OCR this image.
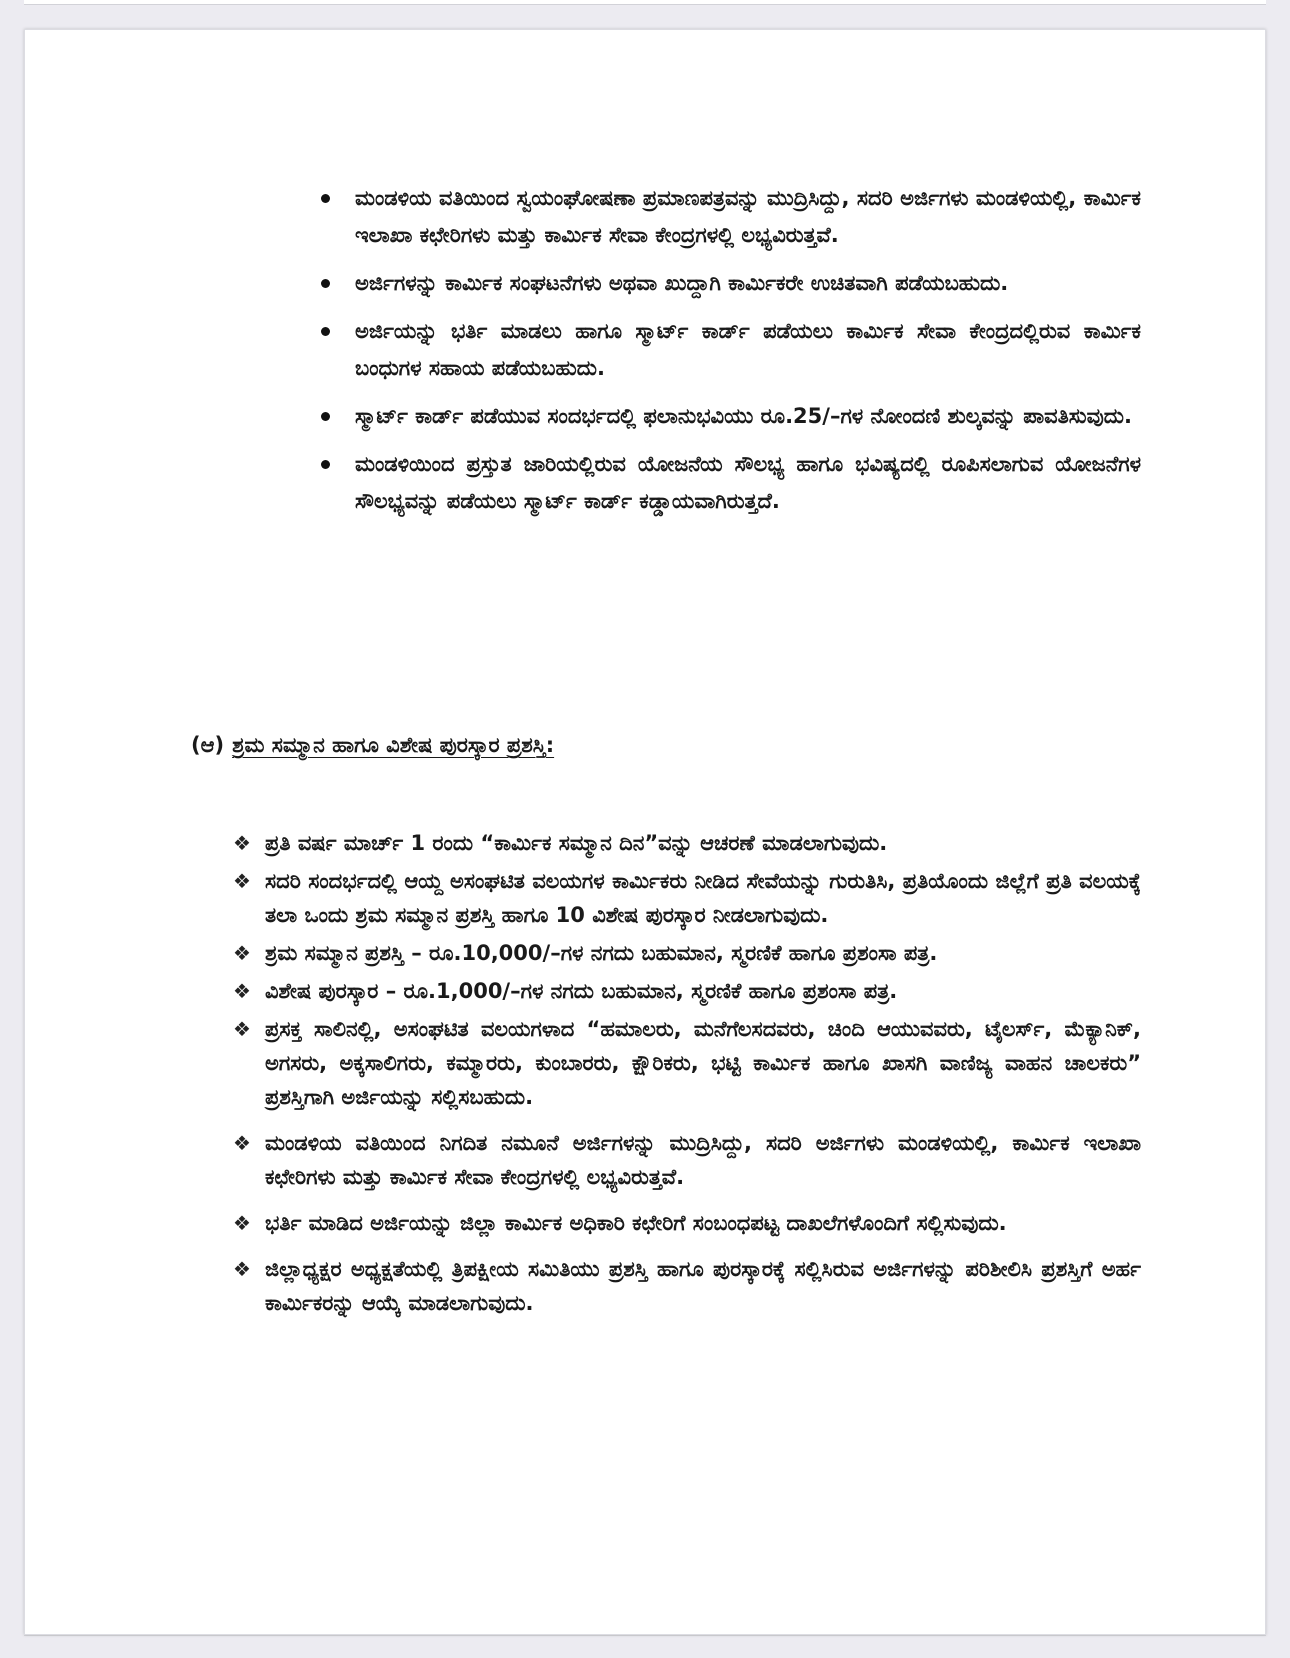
ಮಂಡಳಿಯ ವತಿಯಿಂದ ಸ್ವಯಂಘೋಷಣಾ ಪ್ರಮಾಣಪತ್ರವನ್ನು ಮುದ್ರಿಸಿದ್ದು, ಸದರಿ ಅರ್ಜಿಗಳು ಮಂಡಳಿಯಲ್ಲಿ, ಕಾರ್ಮಿಕ ಇಲಾಖಾ ಕಛೇರಿಗಳು ಮತ್ತು ಕಾರ್ಮಿಕ ಸೇವಾ ಕೇಂದ್ರಗಳಲ್ಲಿ ಲಭ್ಯವಿರುತ್ತವೆ.
ಅರ್ಜಿಗಳನ್ನು ಕಾರ್ಮಿಕ ಸಂಘಟನೆಗಳು ಅಥವಾ ಖುದ್ದಾಗಿ ಕಾರ್ಮಿಕರೇ ಉಚಿತವಾಗಿ ಪಡೆಯಬಹುದು.
ಅರ್ಜಿಯನ್ನು ಭರ್ತಿ ಮಾಡಲು ಹಾಗೂ ಸ್ಮಾರ್ಟ್ ಕಾರ್ಡ್ ಪಡೆಯಲು ಕಾರ್ಮಿಕ ಸೇವಾ ಕೇಂದ್ರದಲ್ಲಿರುವ ಕಾರ್ಮಿಕ ಬಂಧುಗಳ ಸಹಾಯ ಪಡೆಯಬಹುದು.
ಸ್ಮಾರ್ಟ್ ಕಾರ್ಡ್ ಪಡೆಯುವ ಸಂದರ್ಭದಲ್ಲಿ ಫಲಾನುಭವಿಯು ರೂ.25/–ಗಳ ನೋಂದಣಿ ಶುಲ್ಕವನ್ನು ಪಾವತಿಸುವುದು.
ಮಂಡಳಿಯಿಂದ ಪ್ರಸ್ತುತ ಜಾರಿಯಲ್ಲಿರುವ ಯೋಜನೆಯ ಸೌಲಭ್ಯ ಹಾಗೂ ಭವಿಷ್ಯದಲ್ಲಿ ರೂಪಿಸಲಾಗುವ ಯೋಜನೆಗಳ ಸೌಲಭ್ಯವನ್ನು ಪಡೆಯಲು ಸ್ಮಾರ್ಟ್ ಕಾರ್ಡ್ ಕಡ್ಡಾಯವಾಗಿರುತ್ತದೆ.
(ಆ) ಶ್ರಮ ಸಮ್ಮಾನ ಹಾಗೂ ವಿಶೇಷ ಪುರಸ್ಕಾರ ಪ್ರಶಸ್ತಿ:
❖ ಪ್ರತಿ ವರ್ಷ ಮಾರ್ಚ್ 1 ರಂದು “ಕಾರ್ಮಿಕ ಸಮ್ಮಾನ ದಿನ”ವನ್ನು ಆಚರಣೆ ಮಾಡಲಾಗುವುದು.
❖ ಸದರಿ ಸಂದರ್ಭದಲ್ಲಿ ಆಯ್ದ ಅಸಂಘಟಿತ ವಲಯಗಳ ಕಾರ್ಮಿಕರು ನೀಡಿದ ಸೇವೆಯನ್ನು ಗುರುತಿಸಿ, ಪ್ರತಿಯೊಂದು ಜಿಲ್ಲೆಗೆ ಪ್ರತಿ ವಲಯಕ್ಕೆ ತಲಾ ಒಂದು ಶ್ರಮ ಸಮ್ಮಾನ ಪ್ರಶಸ್ತಿ ಹಾಗೂ 10 ವಿಶೇಷ ಪುರಸ್ಕಾರ ನೀಡಲಾಗುವುದು.
❖ ಶ್ರಮ ಸಮ್ಮಾನ ಪ್ರಶಸ್ತಿ – ರೂ.10,000/–ಗಳ ನಗದು ಬಹುಮಾನ, ಸ್ಮರಣಿಕೆ ಹಾಗೂ ಪ್ರಶಂಸಾ ಪತ್ರ.
❖ ವಿಶೇಷ ಪುರಸ್ಕಾರ – ರೂ.1,000/–ಗಳ ನಗದು ಬಹುಮಾನ, ಸ್ಮರಣಿಕೆ ಹಾಗೂ ಪ್ರಶಂಸಾ ಪತ್ರ.
❖ ಪ್ರಸಕ್ತ ಸಾಲಿನಲ್ಲಿ, ಅಸಂಘಟಿತ ವಲಯಗಳಾದ “ಹಮಾಲರು, ಮನೆಗೆಲಸದವರು, ಚಿಂದಿ ಆಯುವವರು, ಟೈಲರ್ಸ್, ಮೆಕ್ಯಾನಿಕ್, ಅಗಸರು, ಅಕ್ಕಸಾಲಿಗರು, ಕಮ್ಮಾರರು, ಕುಂಬಾರರು, ಕ್ಷೌರಿಕರು, ಭಟ್ಟಿ ಕಾರ್ಮಿಕ ಹಾಗೂ ಖಾಸಗಿ ವಾಣಿಜ್ಯ ವಾಹನ ಚಾಲಕರು” ಪ್ರಶಸ್ತಿಗಾಗಿ ಅರ್ಜಿಯನ್ನು ಸಲ್ಲಿಸಬಹುದು.
❖ ಮಂಡಳಿಯ ವತಿಯಿಂದ ನಿಗದಿತ ನಮೂನೆ ಅರ್ಜಿಗಳನ್ನು ಮುದ್ರಿಸಿದ್ದು, ಸದರಿ ಅರ್ಜಿಗಳು ಮಂಡಳಿಯಲ್ಲಿ, ಕಾರ್ಮಿಕ ಇಲಾಖಾ ಕಛೇರಿಗಳು ಮತ್ತು ಕಾರ್ಮಿಕ ಸೇವಾ ಕೇಂದ್ರಗಳಲ್ಲಿ ಲಭ್ಯವಿರುತ್ತವೆ.
❖ ಭರ್ತಿ ಮಾಡಿದ ಅರ್ಜಿಯನ್ನು ಜಿಲ್ಲಾ ಕಾರ್ಮಿಕ ಅಧಿಕಾರಿ ಕಛೇರಿಗೆ ಸಂಬಂಧಪಟ್ಟ ದಾಖಲೆಗಳೊಂದಿಗೆ ಸಲ್ಲಿಸುವುದು.
❖ ಜಿಲ್ಲಾಧ್ಯಕ್ಷರ ಅಧ್ಯಕ್ಷತೆಯಲ್ಲಿ ತ್ರಿಪಕ್ಷೀಯ ಸಮಿತಿಯು ಪ್ರಶಸ್ತಿ ಹಾಗೂ ಪುರಸ್ಕಾರಕ್ಕೆ ಸಲ್ಲಿಸಿರುವ ಅರ್ಜಿಗಳನ್ನು ಪರಿಶೀಲಿಸಿ ಪ್ರಶಸ್ತಿಗೆ ಅರ್ಹ ಕಾರ್ಮಿಕರನ್ನು ಆಯ್ಕೆ ಮಾಡಲಾಗುವುದು.
